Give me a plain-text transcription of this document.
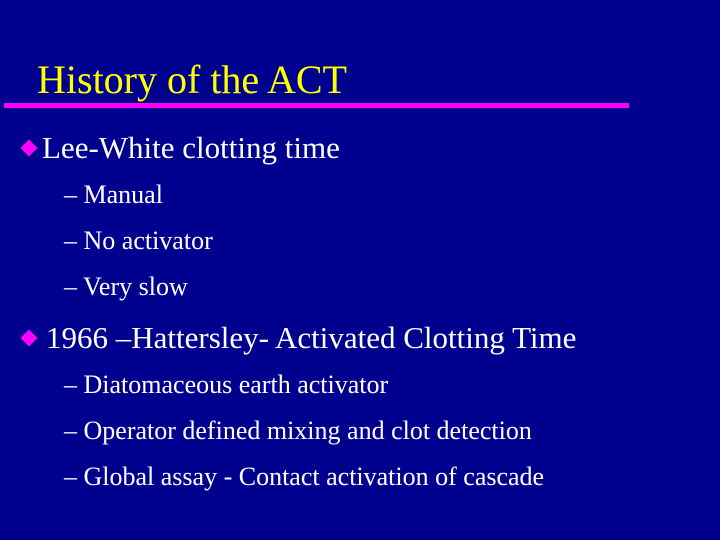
History of the ACT
Lee-White clotting time
– Manual
– No activator
– Very slow
1966 –Hattersley- Activated Clotting Time
– Diatomaceous earth activator
– Operator defined mixing and clot detection
– Global assay - Contact activation of cascade
